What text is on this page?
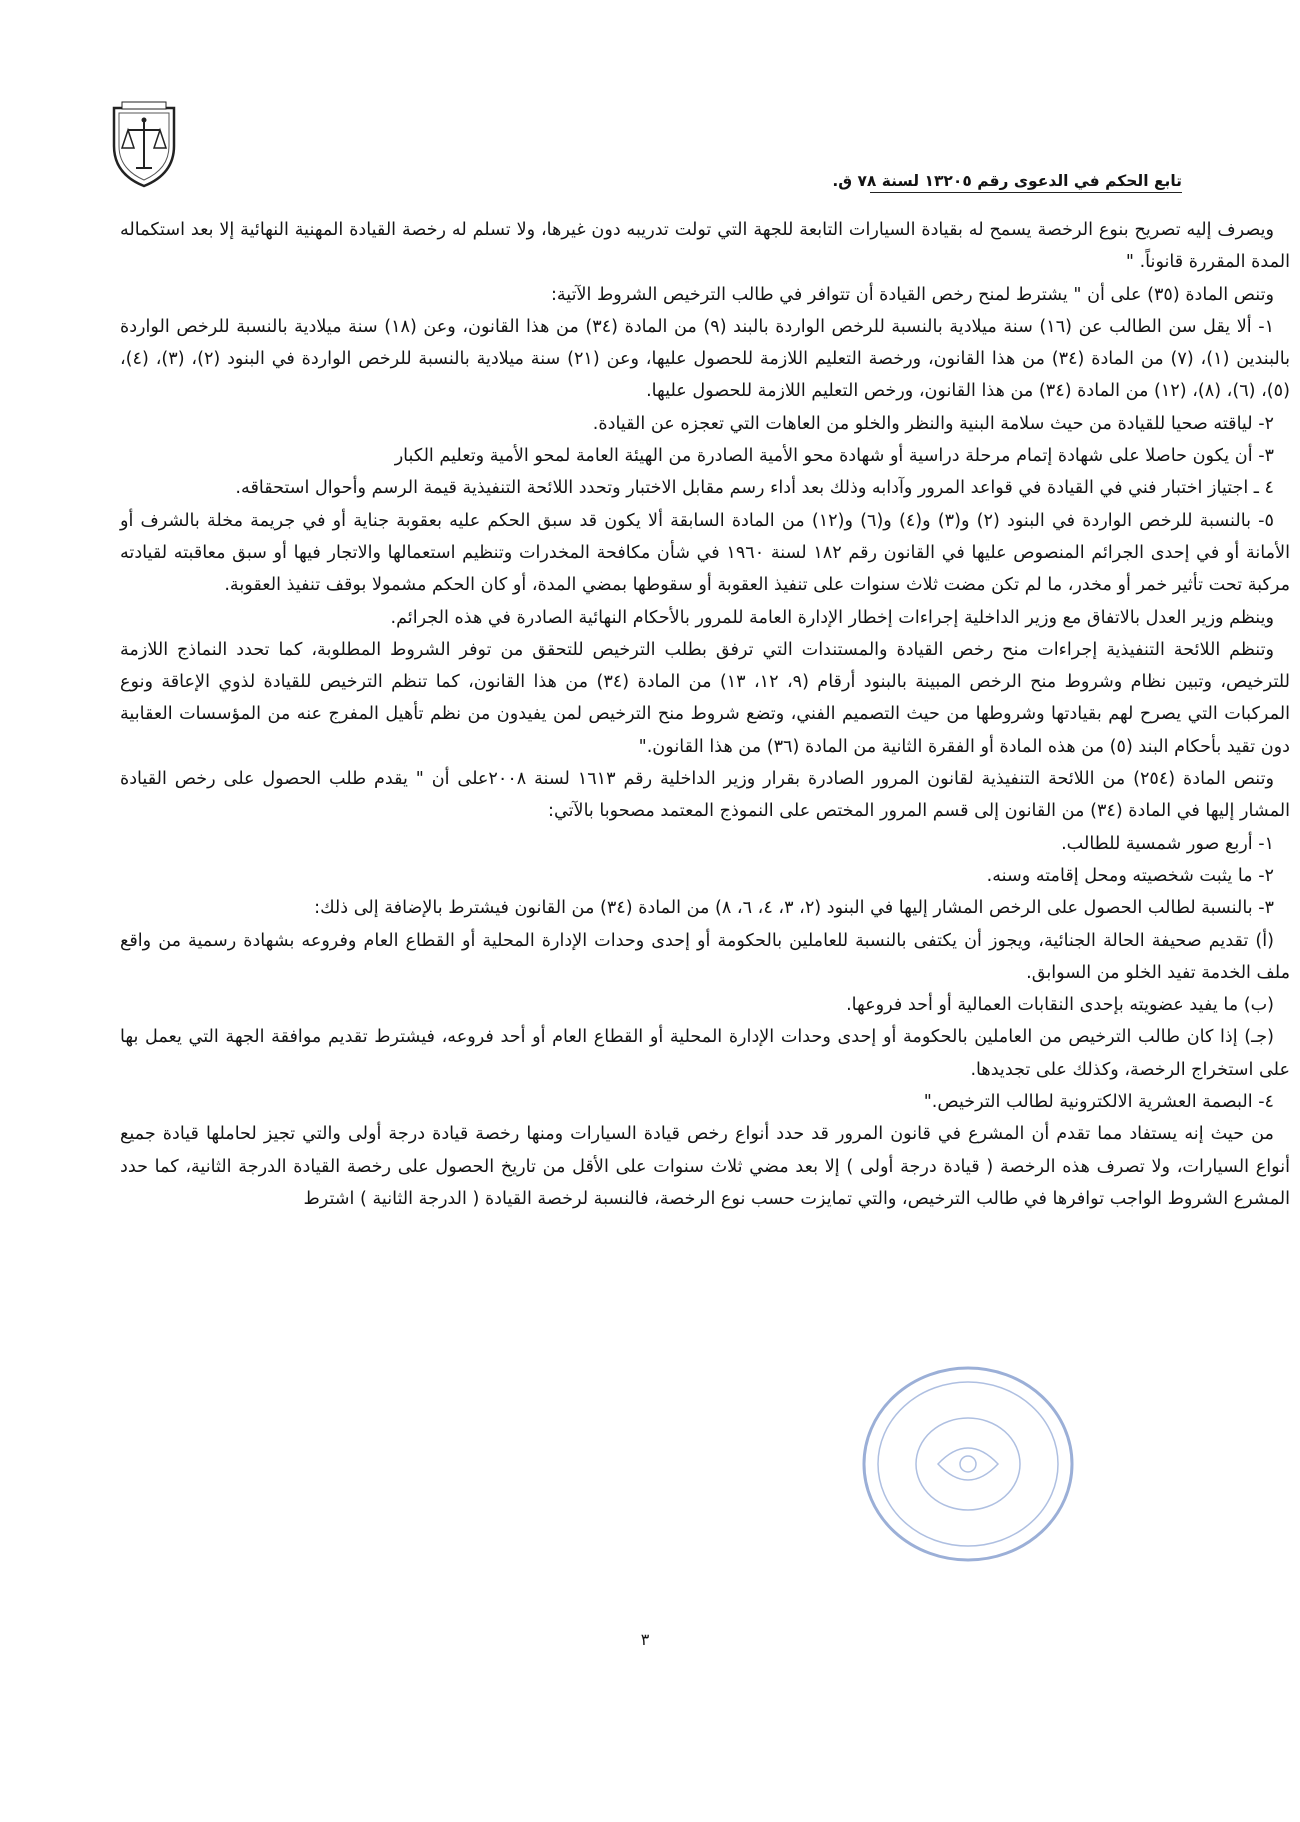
تابع الحكم في الدعوى رقم ١٣٢٠٥ لسنة ٧٨ ق.

ويصرف إليه تصريح بنوع الرخصة يسمح له بقيادة السيارات التابعة للجهة التي تولت تدريبه دون غيرها، ولا تسلم له رخصة القيادة المهنية النهائية إلا بعد استكماله المدة المقررة قانوناً. "

وتنص المادة (٣٥) على أن " يشترط لمنح رخص القيادة أن تتوافر في طالب الترخيص الشروط الآتية:

١- ألا يقل سن الطالب عن (١٦) سنة ميلادية بالنسبة للرخص الواردة بالبند (٩) من المادة (٣٤) من هذا القانون، وعن (١٨) سنة ميلادية بالنسبة للرخص الواردة بالبندين (١)، (٧) من المادة (٣٤) من هذا القانون، ورخصة التعليم اللازمة للحصول عليها، وعن (٢١) سنة ميلادية بالنسبة للرخص الواردة في البنود (٢)، (٣)، (٤)، (٥)، (٦)، (٨)، (١٢) من المادة (٣٤) من هذا القانون، ورخص التعليم اللازمة للحصول عليها.

٢- لياقته صحيا للقيادة من حيث سلامة البنية والنظر والخلو من العاهات التي تعجزه عن القيادة.

٣- أن يكون حاصلا على شهادة إتمام مرحلة دراسية أو شهادة محو الأمية الصادرة من الهيئة العامة لمحو الأمية وتعليم الكبار

٤ ـ اجتياز اختبار فني في القيادة في قواعد المرور وآدابه وذلك بعد أداء رسم مقابل الاختبار وتحدد اللائحة التنفيذية قيمة الرسم وأحوال استحقاقه.

٥- بالنسبة للرخص الواردة في البنود (٢) و(٣) و(٤) و(٦) و(١٢) من المادة السابقة ألا يكون قد سبق الحكم عليه بعقوبة جناية أو في جريمة مخلة بالشرف أو الأمانة أو في إحدى الجرائم المنصوص عليها في القانون رقم ١٨٢ لسنة ١٩٦٠ في شأن مكافحة المخدرات وتنظيم استعمالها والاتجار فيها أو سبق معاقبته لقيادته مركبة تحت تأثير خمر أو مخدر، ما لم تكن مضت ثلاث سنوات على تنفيذ العقوبة أو سقوطها بمضي المدة، أو كان الحكم مشمولا بوقف تنفيذ العقوبة.

وينظم وزير العدل بالاتفاق مع وزير الداخلية إجراءات إخطار الإدارة العامة للمرور بالأحكام النهائية الصادرة في هذه الجرائم.

وتنظم اللائحة التنفيذية إجراءات منح رخص القيادة والمستندات التي ترفق بطلب الترخيص للتحقق من توفر الشروط المطلوبة، كما تحدد النماذج اللازمة للترخيص، وتبين نظام وشروط منح الرخص المبينة بالبنود أرقام (٩، ١٢، ١٣) من المادة (٣٤) من هذا القانون، كما تنظم الترخيص للقيادة لذوي الإعاقة ونوع المركبات التي يصرح لهم بقيادتها وشروطها من حيث التصميم الفني، وتضع شروط منح الترخيص لمن يفيدون من نظم تأهيل المفرج عنه من المؤسسات العقابية دون تقيد بأحكام البند (٥) من هذه المادة أو الفقرة الثانية من المادة (٣٦) من هذا القانون."

وتنص المادة (٢٥٤) من اللائحة التنفيذية لقانون المرور الصادرة بقرار وزير الداخلية رقم ١٦١٣ لسنة ٢٠٠٨على أن " يقدم طلب الحصول على رخص القيادة المشار إليها في المادة (٣٤) من القانون إلى قسم المرور المختص على النموذج المعتمد مصحوبا بالآتي:

١- أربع صور شمسية للطالب.

٢- ما يثبت شخصيته ومحل إقامته وسنه.

٣- بالنسبة لطالب الحصول على الرخص المشار إليها في البنود (٢، ٣، ٤، ٦، ٨) من المادة (٣٤) من القانون فيشترط بالإضافة إلى ذلك:

(أ) تقديم صحيفة الحالة الجنائية، ويجوز أن يكتفى بالنسبة للعاملين بالحكومة أو إحدى وحدات الإدارة المحلية أو القطاع العام وفروعه بشهادة رسمية من واقع ملف الخدمة تفيد الخلو من السوابق.

(ب) ما يفيد عضويته بإحدى النقابات العمالية أو أحد فروعها.

(جـ) إذا كان طالب الترخيص من العاملين بالحكومة أو إحدى وحدات الإدارة المحلية أو القطاع العام أو أحد فروعه، فيشترط تقديم موافقة الجهة التي يعمل بها على استخراج الرخصة، وكذلك على تجديدها.

٤- البصمة العشرية الالكترونية لطالب الترخيص."

من حيث إنه يستفاد مما تقدم أن المشرع في قانون المرور قد حدد أنواع رخص قيادة السيارات ومنها رخصة قيادة درجة أولى والتي تجيز لحاملها قيادة جميع أنواع السيارات، ولا تصرف هذه الرخصة ( قيادة درجة أولى ) إلا بعد مضي ثلاث سنوات على الأقل من تاريخ الحصول على رخصة القيادة الدرجة الثانية، كما حدد المشرع الشروط الواجب توافرها في طالب الترخيص، والتي تمايزت حسب نوع الرخصة، فالنسبة لرخصة القيادة ( الدرجة الثانية ) اشترط

٣
